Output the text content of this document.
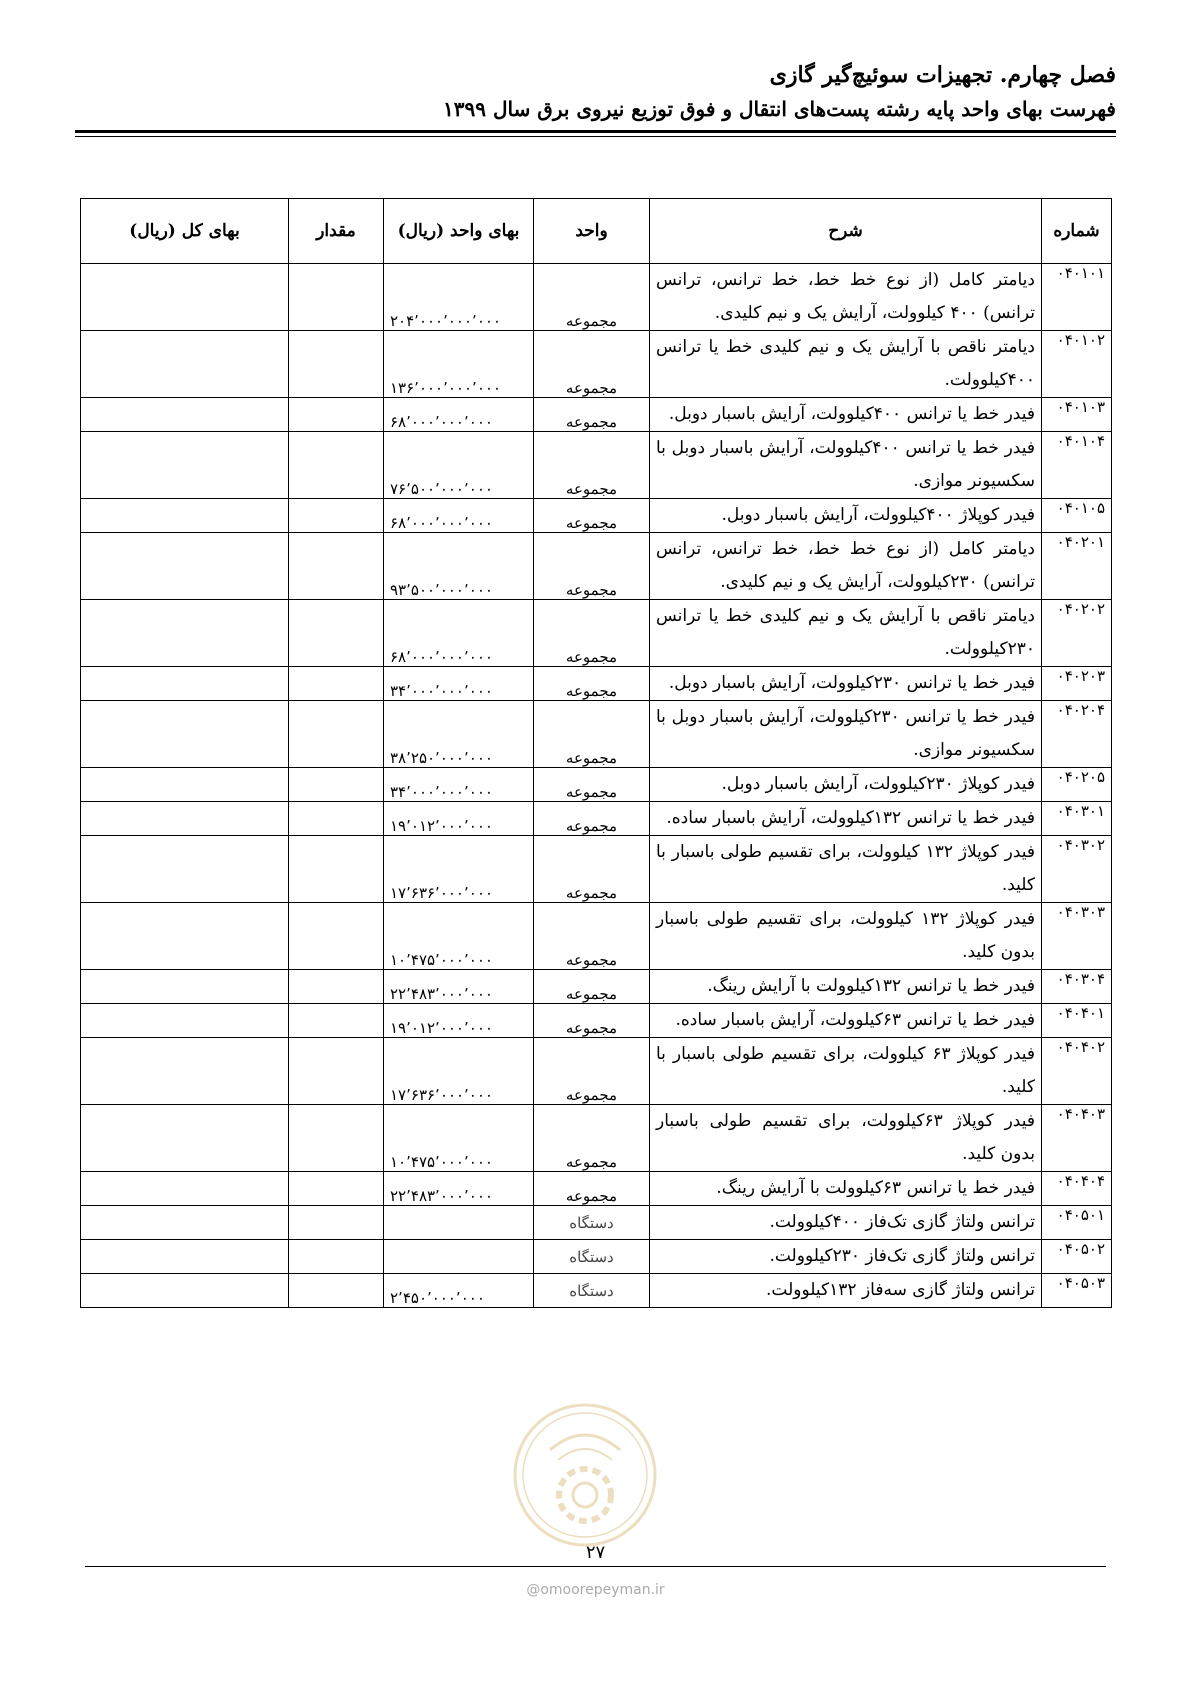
فصل چهارم. تجهیزات سوئیچ‌گیر گازی
فهرست بهای واحد پایه رشته پست‌های انتقال و فوق توزیع نیروی برق سال ۱۳۹۹
شماره	شرح	واحد	بهای واحد (ریال)	مقدار	بهای کل (ریال)
۰۴۰۱۰۱	دیامتر کامل (از نوع خط خط، خط ترانس، ترانس ترانس) ۴۰۰ کیلوولت، آرایش یک و نیم کلیدی.	مجموعه	۲۰۴٬۰۰۰٬۰۰۰٬۰۰۰		
۰۴۰۱۰۲	دیامتر ناقص با آرایش یک و نیم کلیدی خط یا ترانس ۴۰۰کیلوولت.	مجموعه	۱۳۶٬۰۰۰٬۰۰۰٬۰۰۰		
۰۴۰۱۰۳	فیدر خط یا ترانس ۴۰۰کیلوولت، آرایش باسبار دوبل.	مجموعه	۶۸٬۰۰۰٬۰۰۰٬۰۰۰		
۰۴۰۱۰۴	فیدر خط یا ترانس ۴۰۰کیلوولت، آرایش باسبار دوبل با سکسیونر موازی.	مجموعه	۷۶٬۵۰۰٬۰۰۰٬۰۰۰		
۰۴۰۱۰۵	فیدر کوپلاژ ۴۰۰کیلوولت، آرایش باسبار دوبل.	مجموعه	۶۸٬۰۰۰٬۰۰۰٬۰۰۰		
۰۴۰۲۰۱	دیامتر کامل (از نوع خط خط، خط ترانس، ترانس ترانس) ۲۳۰کیلوولت، آرایش یک و نیم کلیدی.	مجموعه	۹۳٬۵۰۰٬۰۰۰٬۰۰۰		
۰۴۰۲۰۲	دیامتر ناقص با آرایش یک و نیم کلیدی خط یا ترانس ۲۳۰کیلوولت.	مجموعه	۶۸٬۰۰۰٬۰۰۰٬۰۰۰		
۰۴۰۲۰۳	فیدر خط یا ترانس ۲۳۰کیلوولت، آرایش باسبار دوبل.	مجموعه	۳۴٬۰۰۰٬۰۰۰٬۰۰۰		
۰۴۰۲۰۴	فیدر خط یا ترانس ۲۳۰کیلوولت، آرایش باسبار دوبل با سکسیونر موازی.	مجموعه	۳۸٬۲۵۰٬۰۰۰٬۰۰۰		
۰۴۰۲۰۵	فیدر کوپلاژ ۲۳۰کیلوولت، آرایش باسبار دوبل.	مجموعه	۳۴٬۰۰۰٬۰۰۰٬۰۰۰		
۰۴۰۳۰۱	فیدر خط یا ترانس ۱۳۲کیلوولت، آرایش باسبار ساده.	مجموعه	۱۹٬۰۱۲٬۰۰۰٬۰۰۰		
۰۴۰۳۰۲	فیدر کوپلاژ ۱۳۲ کیلوولت، برای تقسیم طولی باسبار با کلید.	مجموعه	۱۷٬۶۳۶٬۰۰۰٬۰۰۰		
۰۴۰۳۰۳	فیدر کوپلاژ ۱۳۲ کیلوولت، برای تقسیم طولی باسبار بدون کلید.	مجموعه	۱۰٬۴۷۵٬۰۰۰٬۰۰۰		
۰۴۰۳۰۴	فیدر خط یا ترانس ۱۳۲کیلوولت با آرایش رینگ.	مجموعه	۲۲٬۴۸۳٬۰۰۰٬۰۰۰		
۰۴۰۴۰۱	فیدر خط یا ترانس ۶۳کیلوولت، آرایش باسبار ساده.	مجموعه	۱۹٬۰۱۲٬۰۰۰٬۰۰۰		
۰۴۰۴۰۲	فیدر کوپلاژ ۶۳ کیلوولت، برای تقسیم طولی باسبار با کلید.	مجموعه	۱۷٬۶۳۶٬۰۰۰٬۰۰۰		
۰۴۰۴۰۳	فیدر کوپلاژ ۶۳کیلوولت، برای تقسیم طولی باسبار بدون کلید.	مجموعه	۱۰٬۴۷۵٬۰۰۰٬۰۰۰		
۰۴۰۴۰۴	فیدر خط یا ترانس ۶۳کیلوولت با آرایش رینگ.	مجموعه	۲۲٬۴۸۳٬۰۰۰٬۰۰۰		
۰۴۰۵۰۱	ترانس ولتاژ گازی تک‌فاز ۴۰۰کیلوولت.	دستگاه			
۰۴۰۵۰۲	ترانس ولتاژ گازی تک‌فاز ۲۳۰کیلوولت.	دستگاه			
۰۴۰۵۰۳	ترانس ولتاژ گازی سه‌فاز ۱۳۲کیلوولت.	دستگاه	۲٬۴۵۰٬۰۰۰٬۰۰۰		
۲۷
@omoorepeyman.ir
